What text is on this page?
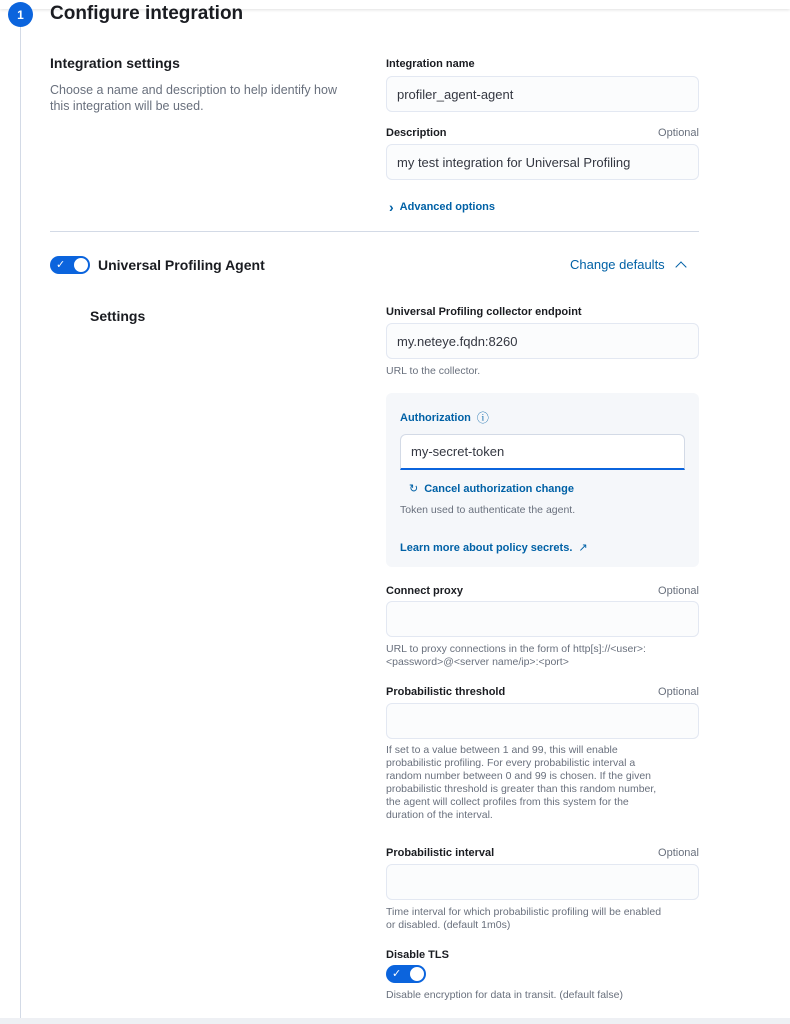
1	Configure integration
Integration settings
Choose a name and description to help identify how this integration will be used.
Integration name
profiler_agent-agent
Description	Optional
my test integration for Universal Profiling
› Advanced options
✓ Universal Profiling Agent	Change defaults
Settings	Universal Profiling collector endpoint
my.neteye.fqdn:8260
URL to the collector.
Authorization ⓘ
my-secret-token
↻ Cancel authorization change
Token used to authenticate the agent.
Learn more about policy secrets. ↗
Connect proxy	Optional
URL to proxy connections in the form of http[s]://<user>:
<password>@<server name/ip>:<port>
Probabilistic threshold	Optional
If set to a value between 1 and 99, this will enable
probabilistic profiling. For every probabilistic interval a
random number between 0 and 99 is chosen. If the given
probabilistic threshold is greater than this random number,
the agent will collect profiles from this system for the
duration of the interval.
Probabilistic interval	Optional
Time interval for which probabilistic profiling will be enabled
or disabled. (default 1m0s)
Disable TLS
✓
Disable encryption for data in transit. (default false)
